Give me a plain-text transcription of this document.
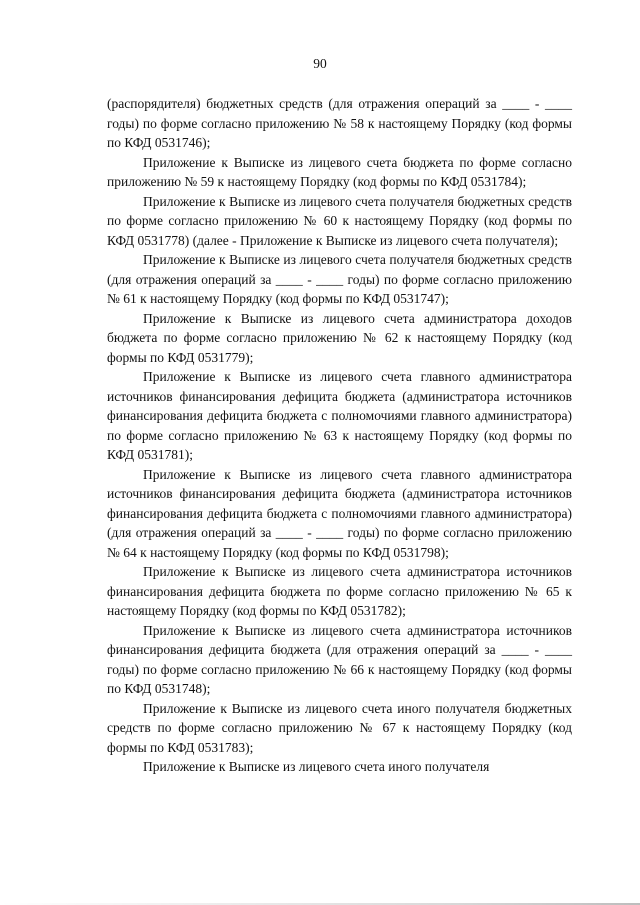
90

(распорядителя) бюджетных средств (для отражения операций за ____ - ____ годы) по форме согласно приложению № 58 к настоящему Порядку (код формы по КФД 0531746);

Приложение к Выписке из лицевого счета бюджета по форме согласно приложению № 59 к настоящему Порядку (код формы по КФД 0531784);

Приложение к Выписке из лицевого счета получателя бюджетных средств по форме согласно приложению № 60 к настоящему Порядку (код формы по КФД 0531778) (далее - Приложение к Выписке из лицевого счета получателя);

Приложение к Выписке из лицевого счета получателя бюджетных средств (для отражения операций за ____ - ____ годы) по форме согласно приложению № 61 к настоящему Порядку (код формы по КФД 0531747);

Приложение к Выписке из лицевого счета администратора доходов бюджета по форме согласно приложению № 62 к настоящему Порядку (код формы по КФД 0531779);

Приложение к Выписке из лицевого счета главного администратора источников финансирования дефицита бюджета (администратора источников финансирования дефицита бюджета с полномочиями главного администратора) по форме согласно приложению № 63 к настоящему Порядку (код формы по КФД 0531781);

Приложение к Выписке из лицевого счета главного администратора источников финансирования дефицита бюджета (администратора источников финансирования дефицита бюджета с полномочиями главного администратора) (для отражения операций за ____ - ____ годы) по форме согласно приложению № 64 к настоящему Порядку (код формы по КФД 0531798);

Приложение к Выписке из лицевого счета администратора источников финансирования дефицита бюджета по форме согласно приложению № 65 к настоящему Порядку (код формы по КФД 0531782);

Приложение к Выписке из лицевого счета администратора источников финансирования дефицита бюджета (для отражения операций за ____ - ____ годы) по форме согласно приложению № 66 к настоящему Порядку (код формы по КФД 0531748);

Приложение к Выписке из лицевого счета иного получателя бюджетных средств по форме согласно приложению № 67 к настоящему Порядку (код формы по КФД 0531783);

Приложение к Выписке из лицевого счета иного получателя
